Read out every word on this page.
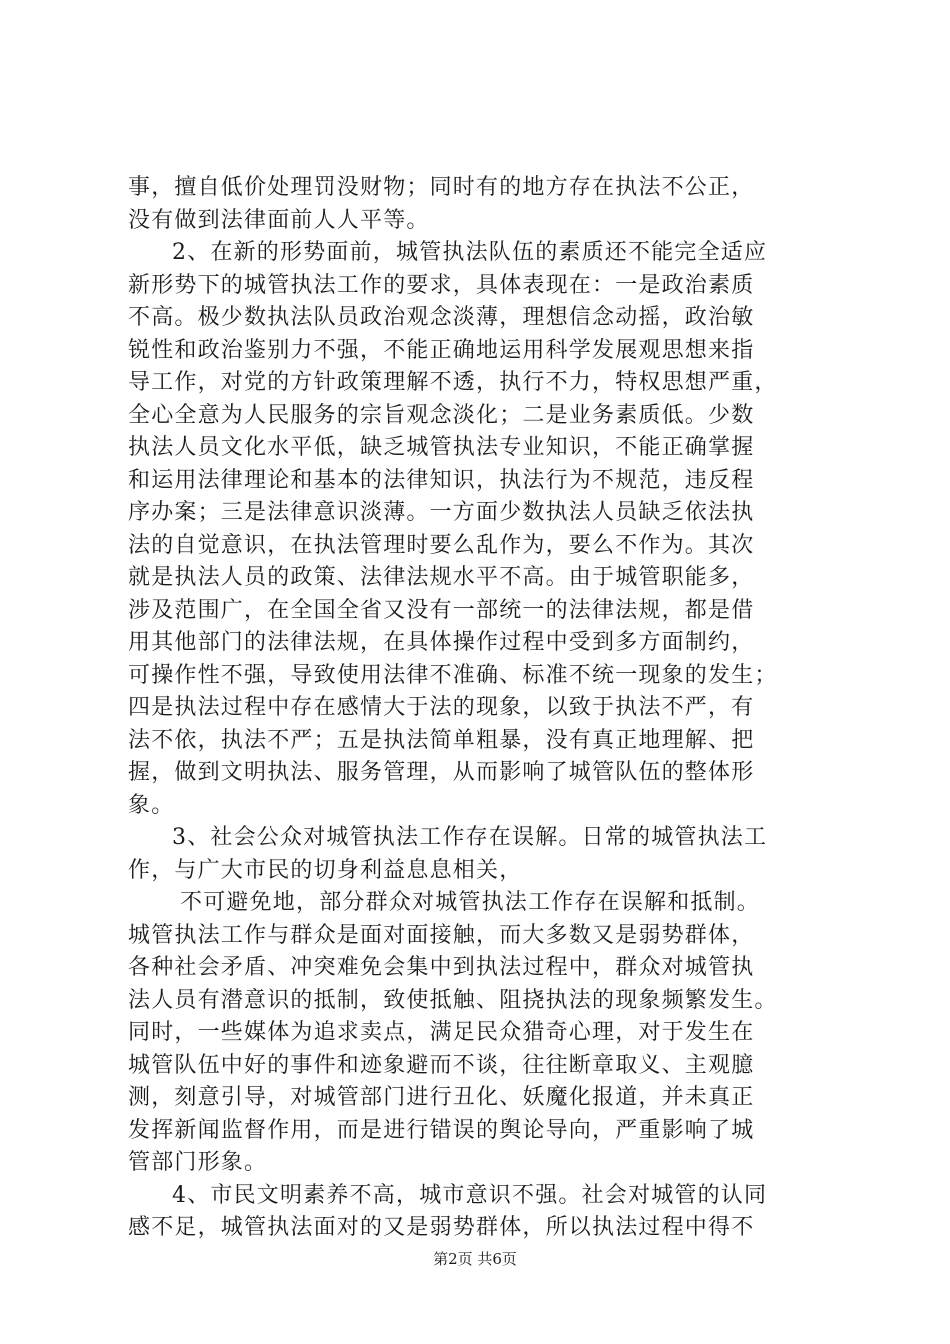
事，擅自低价处理罚没财物；同时有的地方存在执法不公正，
没有做到法律面前人人平等。
2、在新的形势面前，城管执法队伍的素质还不能完全适应
新形势下的城管执法工作的要求，具体表现在：一是政治素质
不高。极少数执法队员政治观念淡薄，理想信念动摇，政治敏
锐性和政治鉴别力不强，不能正确地运用科学发展观思想来指
导工作，对党的方针政策理解不透，执行不力，特权思想严重，
全心全意为人民服务的宗旨观念淡化；二是业务素质低。少数
执法人员文化水平低，缺乏城管执法专业知识，不能正确掌握
和运用法律理论和基本的法律知识，执法行为不规范，违反程
序办案；三是法律意识淡薄。一方面少数执法人员缺乏依法执
法的自觉意识，在执法管理时要么乱作为，要么不作为。其次
就是执法人员的政策、法律法规水平不高。由于城管职能多，
涉及范围广，在全国全省又没有一部统一的法律法规，都是借
用其他部门的法律法规，在具体操作过程中受到多方面制约，
可操作性不强，导致使用法律不准确、标准不统一现象的发生；
四是执法过程中存在感情大于法的现象，以致于执法不严，有
法不依，执法不严；五是执法简单粗暴，没有真正地理解、把
握，做到文明执法、服务管理，从而影响了城管队伍的整体形
象。
3、社会公众对城管执法工作存在误解。日常的城管执法工
作，与广大市民的切身利益息息相关，
不可避免地，部分群众对城管执法工作存在误解和抵制。
城管执法工作与群众是面对面接触，而大多数又是弱势群体，
各种社会矛盾、冲突难免会集中到执法过程中，群众对城管执
法人员有潜意识的抵制，致使抵触、阻挠执法的现象频繁发生。
同时，一些媒体为追求卖点，满足民众猎奇心理，对于发生在
城管队伍中好的事件和迹象避而不谈，往往断章取义、主观臆
测，刻意引导，对城管部门进行丑化、妖魔化报道，并未真正
发挥新闻监督作用，而是进行错误的舆论导向，严重影响了城
管部门形象。
4、市民文明素养不高，城市意识不强。社会对城管的认同
感不足，城管执法面对的又是弱势群体，所以执法过程中得不
第2页 共6页
